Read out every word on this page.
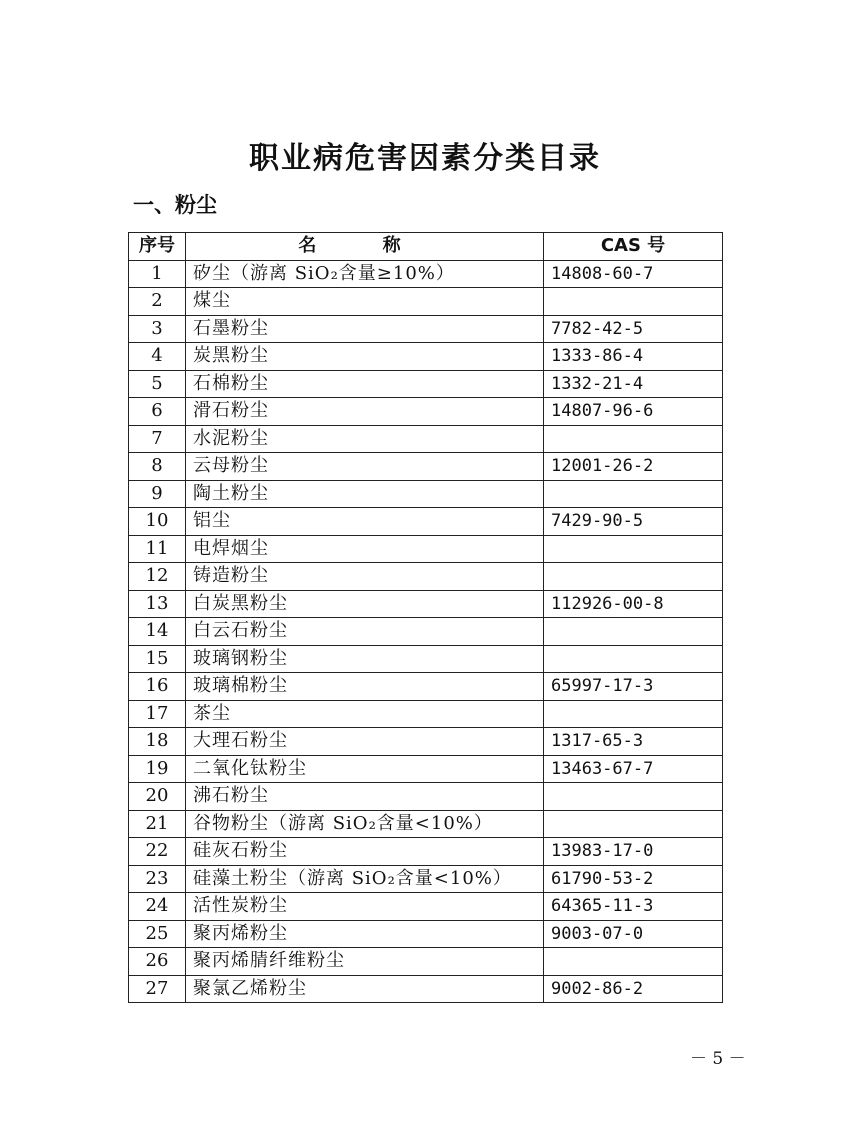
职业病危害因素分类目录
一、粉尘
序号	名 称	CAS 号
1	矽尘（游离 SiO₂含量≥10%）	14808-60-7
2	煤尘	
3	石墨粉尘	7782-42-5
4	炭黑粉尘	1333-86-4
5	石棉粉尘	1332-21-4
6	滑石粉尘	14807-96-6
7	水泥粉尘	
8	云母粉尘	12001-26-2
9	陶土粉尘	
10	铝尘	7429-90-5
11	电焊烟尘	
12	铸造粉尘	
13	白炭黑粉尘	112926-00-8
14	白云石粉尘	
15	玻璃钢粉尘	
16	玻璃棉粉尘	65997-17-3
17	茶尘	
18	大理石粉尘	1317-65-3
19	二氧化钛粉尘	13463-67-7
20	沸石粉尘	
21	谷物粉尘（游离 SiO₂含量<10%）	
22	硅灰石粉尘	13983-17-0
23	硅藻土粉尘（游离 SiO₂含量<10%）	61790-53-2
24	活性炭粉尘	64365-11-3
25	聚丙烯粉尘	9003-07-0
26	聚丙烯腈纤维粉尘	
27	聚氯乙烯粉尘	9002-86-2
－ 5 －
